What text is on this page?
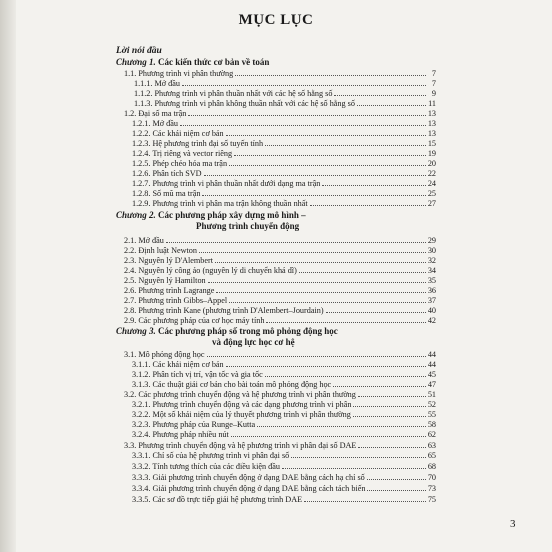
MỤC LỤC
Lời nói đầu
Chương 1. Các kiến thức cơ bản về toán
1.1. Phương trình vi phân thường	7
1.1.1. Mở đầu	7
1.1.2. Phương trình vi phân thuần nhất với các hệ số hằng số	9
1.1.3. Phương trình vi phân không thuần nhất với các hệ số hằng số	11
1.2. Đại số ma trận	13
1.2.1. Mở đầu	13
1.2.2. Các khái niệm cơ bản	13
1.2.3. Hệ phương trình đại số tuyến tính	15
1.2.4. Trị riêng và vector riêng	19
1.2.5. Phép chéo hóa ma trận	20
1.2.6. Phân tích SVD	22
1.2.7. Phương trình vi phân thuần nhất dưới dạng ma trận	24
1.2.8. Số mũ ma trận	25
1.2.9. Phương trình vi phân ma trận không thuần nhất	27
Chương 2. Các phương pháp xây dựng mô hình –
Phương trình chuyển động
2.1. Mở đầu	29
2.2. Định luật Newton	30
2.3. Nguyên lý D'Alembert	32
2.4. Nguyên lý công ảo (nguyên lý di chuyển khả dĩ)	34
2.5. Nguyên lý Hamilton	35
2.6. Phương trình Lagrange	36
2.7. Phương trình Gibbs–Appel	37
2.8. Phương trình Kane (phương trình D'Alembert–Jourdain)	40
2.9. Các phương pháp của cơ học máy tính	42
Chương 3. Các phương pháp số trong mô phỏng động học
và động lực học cơ hệ
3.1. Mô phỏng động học	44
3.1.1. Các khái niệm cơ bản	44
3.1.2. Phân tích vị trí, vận tốc và gia tốc	45
3.1.3. Các thuật giải cơ bản cho bài toán mô phỏng động học	47
3.2. Các phương trình chuyển động và hệ phương trình vi phân thường	51
3.2.1. Phương trình chuyển động và các dạng phương trình vi phân	52
3.2.2. Một số khái niệm của lý thuyết phương trình vi phân thường	55
3.2.3. Phương pháp của Runge–Kutta	58
3.2.4. Phương pháp nhiều nút	62
3.3. Phương trình chuyển động và hệ phương trình vi phân đại số DAE	63
3.3.1. Chỉ số của hệ phương trình vi phân đại số	65
3.3.2. Tính tương thích của các điều kiện đầu	68
3.3.3. Giải phương trình chuyển động ở dạng DAE bằng cách hạ chỉ số	70
3.3.4. Giải phương trình chuyển động ở dạng DAE bằng cách tách biến	73
3.3.5. Các sơ đồ trực tiếp giải hệ phương trình DAE	75
3
